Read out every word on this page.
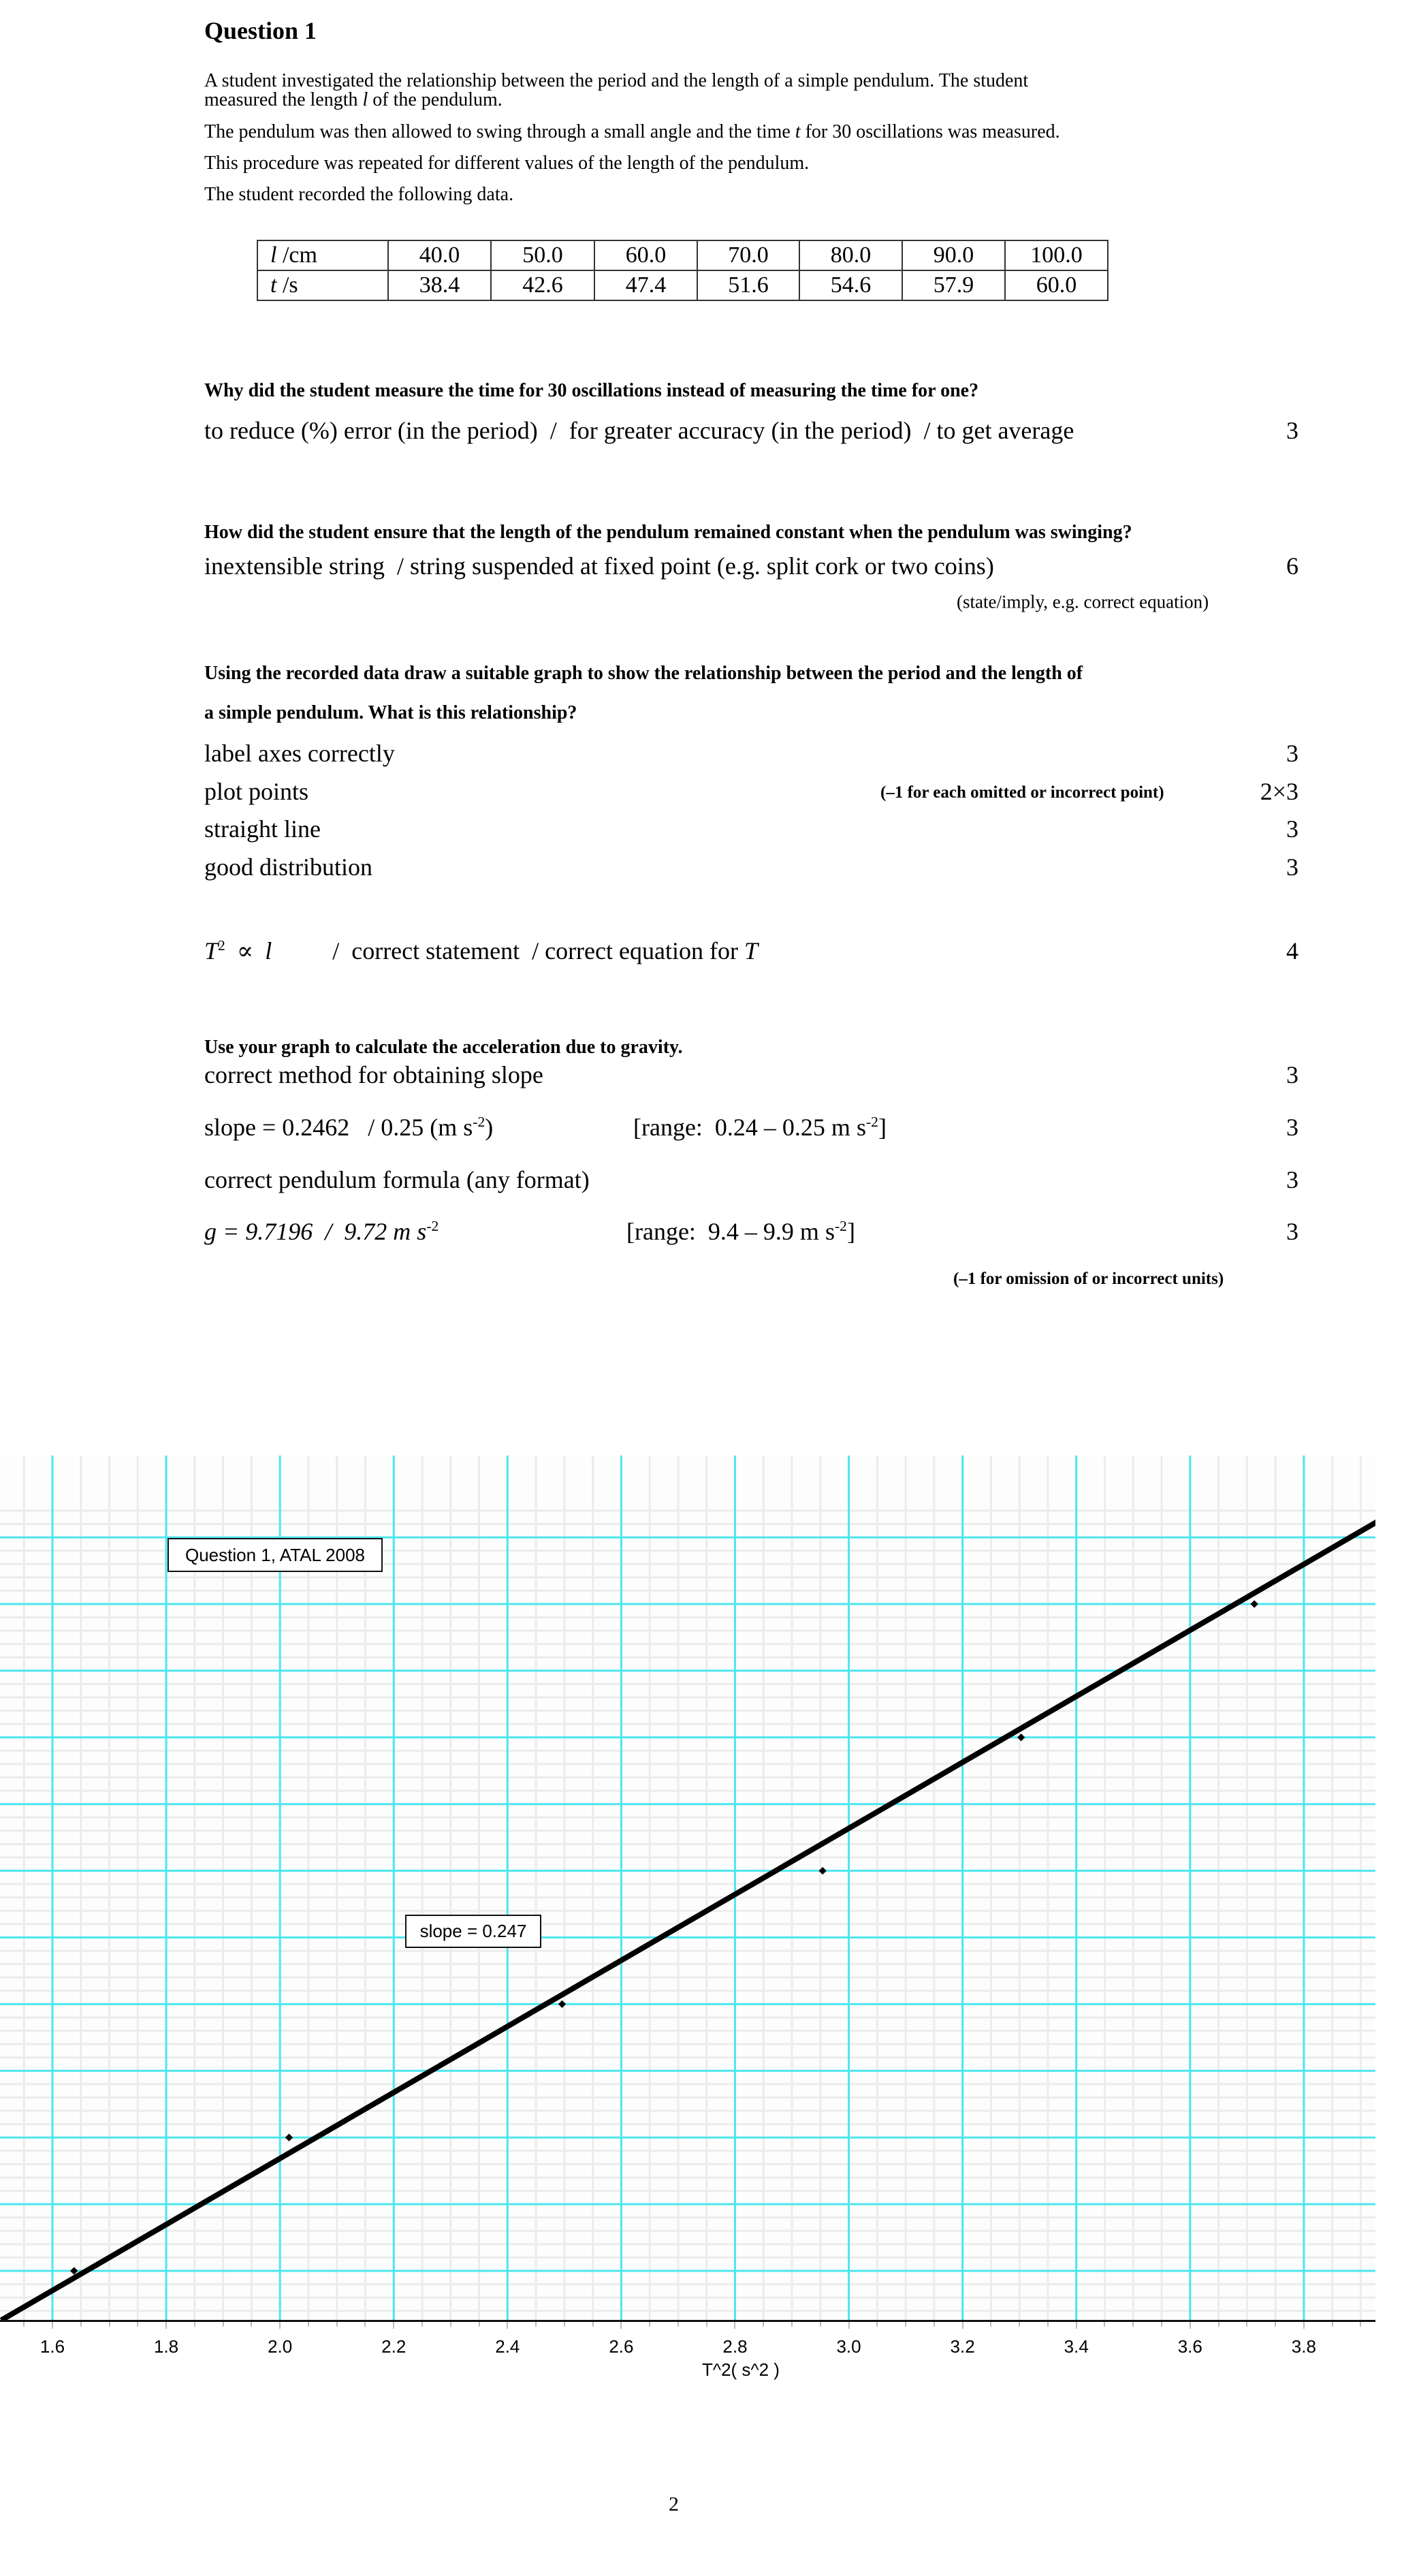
Question 1
A student investigated the relationship between the period and the length of a simple pendulum. The student
measured the length l of the pendulum.
The pendulum was then allowed to swing through a small angle and the time t for 30 oscillations was measured.
This procedure was repeated for different values of the length of the pendulum.
The student recorded the following data.
l /cm	40.0	50.0	60.0	70.0	80.0	90.0	100.0
t /s	38.4	42.6	47.4	51.6	54.6	57.9	60.0
Why did the student measure the time for 30 oscillations instead of measuring the time for one?
to reduce (%) error (in the period)  /  for greater accuracy (in the period)  / to get average	3
How did the student ensure that the length of the pendulum remained constant when the pendulum was swinging?
inextensible string  / string suspended at fixed point (e.g. split cork or two coins)	6
(state/imply, e.g. correct equation)
Using the recorded data draw a suitable graph to show the relationship between the period and the length of
a simple pendulum. What is this relationship?
label axes correctly	3
plot points	(–1 for each omitted or incorrect point)	2×3
straight line	3
good distribution	3
$T^2 \propto l$ /  correct statement  / correct equation for T	4
Use your graph to calculate the acceleration due to gravity.
correct method for obtaining slope	3
slope = 0.2462   / 0.25 (m $s^{-2}$)	[range:  0.24 – 0.25 m $s^{-2}$]	3
correct pendulum formula (any format)	3
g = 9.7196  /  9.72 m $s^{-2}$	[range:  9.4 – 9.9 m $s^{-2}$]	3
(–1 for omission of or incorrect units)
Question 1, ATAL 2008
slope = 0.247
1.6	1.8	2.0	2.2	2.4	2.6	2.8	3.0	3.2	3.4	3.6	3.8
T^2( s^2 )
2
